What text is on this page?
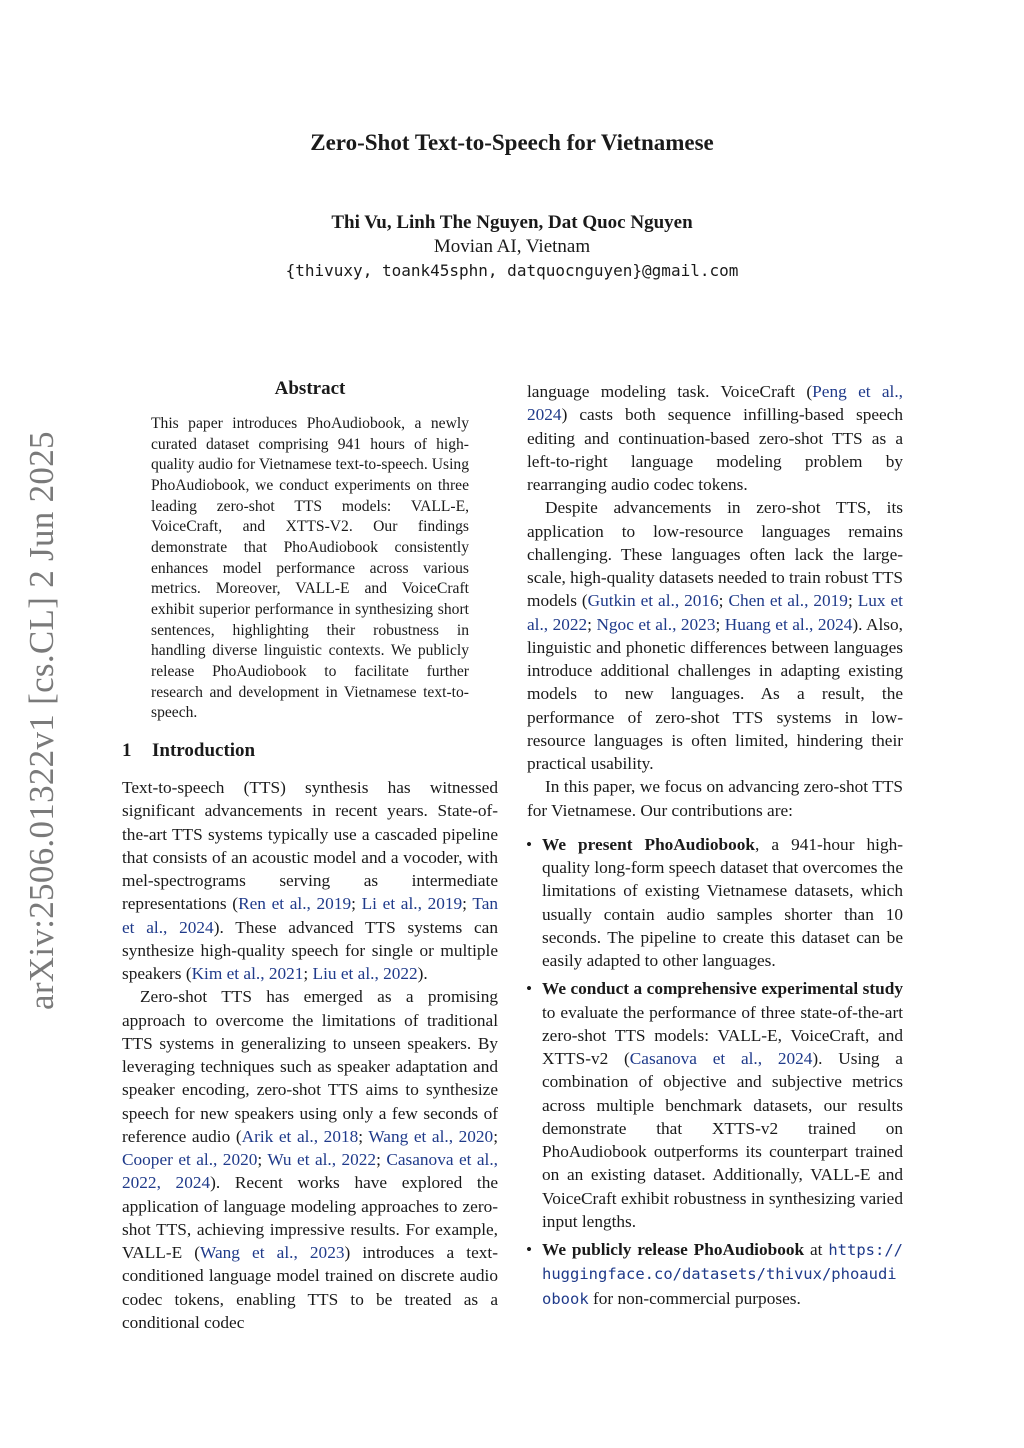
Zero-Shot Text-to-Speech for Vietnamese
Thi Vu, Linh The Nguyen, Dat Quoc Nguyen
Movian AI, Vietnam
{thivuxy, toank45sphn, datquocnguyen}@gmail.com
arXiv:2506.01322v1 [cs.CL] 2 Jun 2025
Abstract
This paper introduces PhoAudiobook, a newly curated dataset comprising 941 hours of high-quality audio for Vietnamese text-to-speech. Using PhoAudiobook, we conduct experiments on three leading zero-shot TTS models: VALL-E, VoiceCraft, and XTTS-V2. Our findings demonstrate that PhoAudiobook consistently enhances model performance across various metrics. Moreover, VALL-E and VoiceCraft exhibit superior performance in synthesizing short sentences, highlighting their robustness in handling diverse linguistic contexts. We publicly release PhoAudiobook to facilitate further research and development in Vietnamese text-to-speech.
1 Introduction

Text-to-speech (TTS) synthesis has witnessed significant advancements in recent years. State-of-the-art TTS systems typically use a cascaded pipeline that consists of an acoustic model and a vocoder, with mel-spectrograms serving as intermediate representations (Ren et al., 2019; Li et al., 2019; Tan et al., 2024). These advanced TTS systems can synthesize high-quality speech for single or multiple speakers (Kim et al., 2021; Liu et al., 2022).

Zero-shot TTS has emerged as a promising approach to overcome the limitations of traditional TTS systems in generalizing to unseen speakers. By leveraging techniques such as speaker adaptation and speaker encoding, zero-shot TTS aims to synthesize speech for new speakers using only a few seconds of reference audio (Arik et al., 2018; Wang et al., 2020; Cooper et al., 2020; Wu et al., 2022; Casanova et al., 2022, 2024). Recent works have explored the application of language modeling approaches to zero-shot TTS, achieving impressive results. For example, VALL-E (Wang et al., 2023) introduces a text-conditioned language model trained on discrete audio codec tokens, enabling TTS to be treated as a conditional codec

language modeling task. VoiceCraft (Peng et al., 2024) casts both sequence infilling-based speech editing and continuation-based zero-shot TTS as a left-to-right language modeling problem by rearranging audio codec tokens.

Despite advancements in zero-shot TTS, its application to low-resource languages remains challenging. These languages often lack the large-scale, high-quality datasets needed to train robust TTS models (Gutkin et al., 2016; Chen et al., 2019; Lux et al., 2022; Ngoc et al., 2023; Huang et al., 2024). Also, linguistic and phonetic differences between languages introduce additional challenges in adapting existing models to new languages. As a result, the performance of zero-shot TTS systems in low-resource languages is often limited, hindering their practical usability.

In this paper, we focus on advancing zero-shot TTS for Vietnamese. Our contributions are:

• We present PhoAudiobook, a 941-hour high-quality long-form speech dataset that overcomes the limitations of existing Vietnamese datasets, which usually contain audio samples shorter than 10 seconds. The pipeline to create this dataset can be easily adapted to other languages.
• We conduct a comprehensive experimental study to evaluate the performance of three state-of-the-art zero-shot TTS models: VALL-E, VoiceCraft, and XTTS-v2 (Casanova et al., 2024). Using a combination of objective and subjective metrics across multiple benchmark datasets, our results demonstrate that XTTS-v2 trained on PhoAudiobook outperforms its counterpart trained on an existing dataset. Additionally, VALL-E and VoiceCraft exhibit robustness in synthesizing varied input lengths.
• We publicly release PhoAudiobook at https://huggingface.co/datasets/thivux/phoaudiobook for non-commercial purposes.
